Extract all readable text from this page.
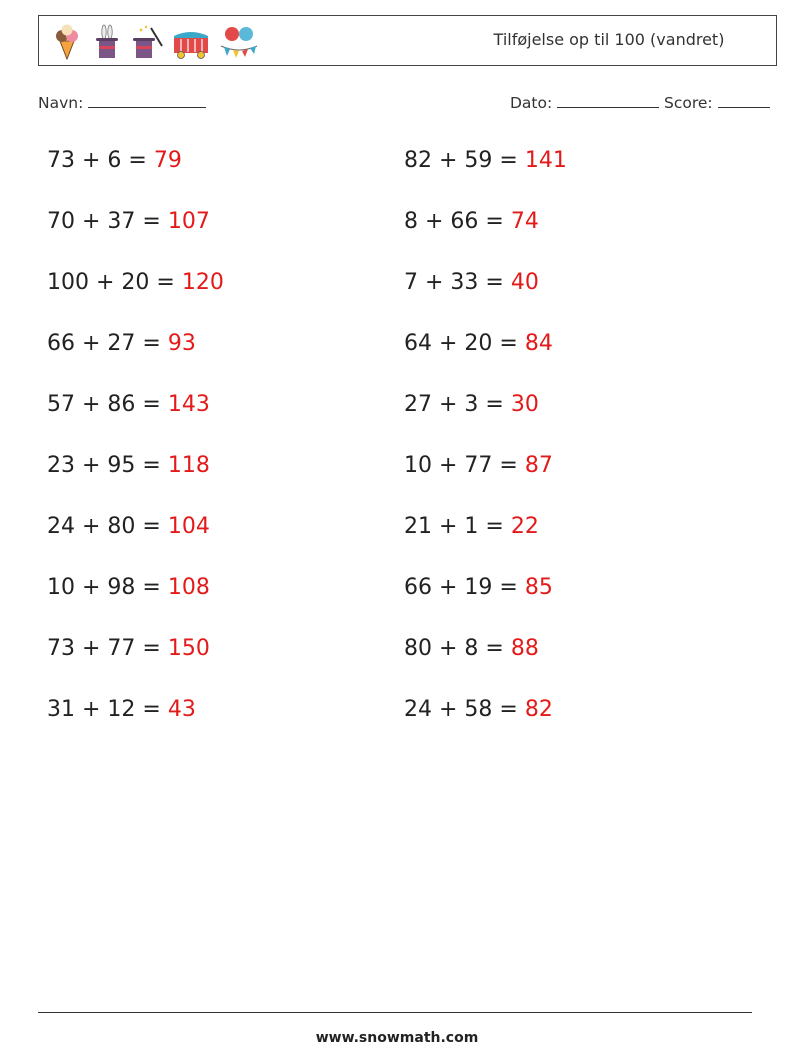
Tilføjelse op til 100 (vandret)
Navn:	Dato:	Score:
73 + 6 = 79	82 + 59 = 141
70 + 37 = 107	8 + 66 = 74
100 + 20 = 120	7 + 33 = 40
66 + 27 = 93	64 + 20 = 84
57 + 86 = 143	27 + 3 = 30
23 + 95 = 118	10 + 77 = 87
24 + 80 = 104	21 + 1 = 22
10 + 98 = 108	66 + 19 = 85
73 + 77 = 150	80 + 8 = 88
31 + 12 = 43	24 + 58 = 82
www.snowmath.com
